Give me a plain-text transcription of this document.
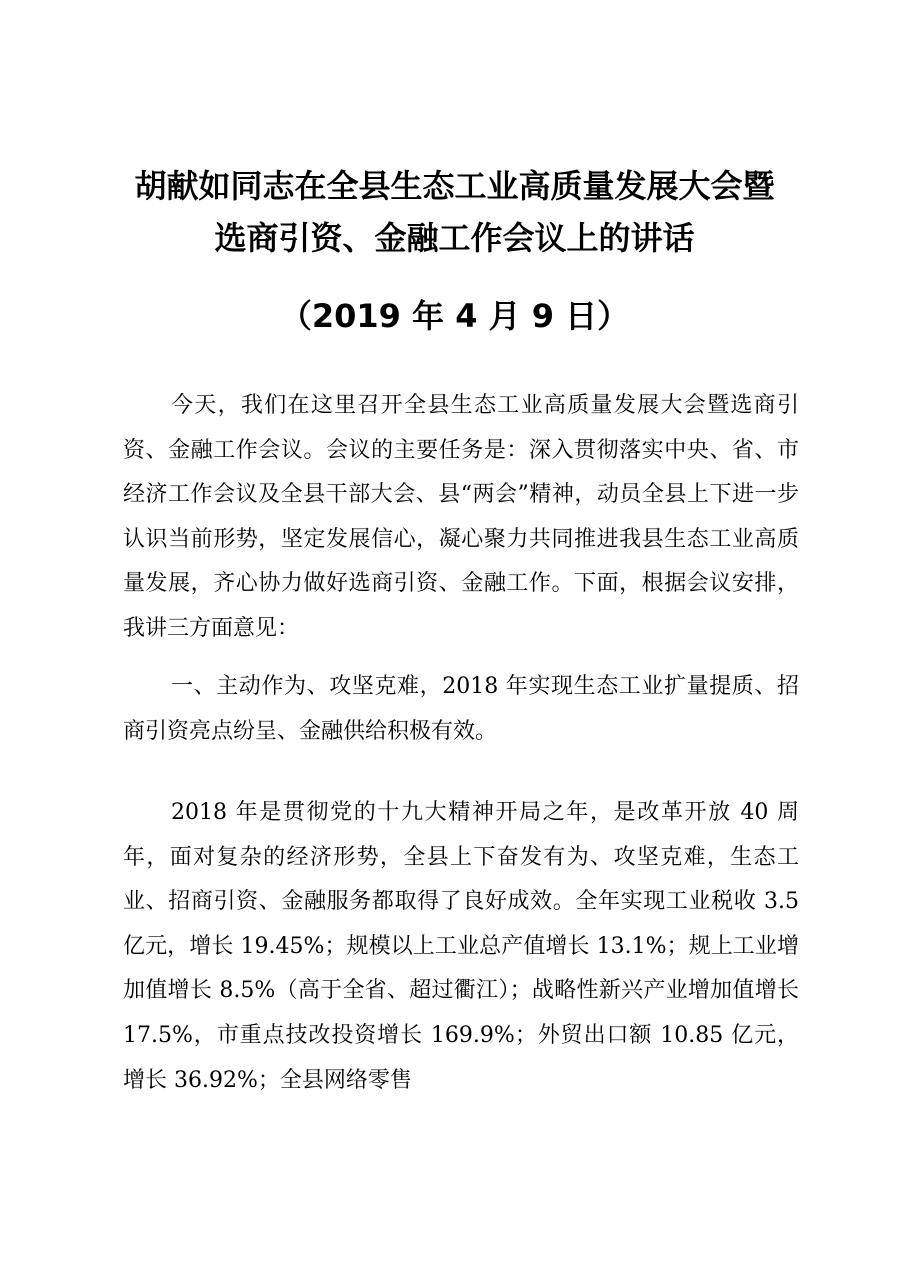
胡献如同志在全县生态工业高质量发展大会暨
选商引资、金融工作会议上的讲话
（2019 年 4 月 9 日）

今天，我们在这里召开全县生态工业高质量发展大会暨选商引资、金融工作会议。会议的主要任务是：深入贯彻落实中央、省、市经济工作会议及全县干部大会、县“两会”精神，动员全县上下进一步认识当前形势，坚定发展信心，凝心聚力共同推进我县生态工业高质量发展，齐心协力做好选商引资、金融工作。下面，根据会议安排，我讲三方面意见：

一、主动作为、攻坚克难，2018 年实现生态工业扩量提质、招商引资亮点纷呈、金融供给积极有效。

2018 年是贯彻党的十九大精神开局之年，是改革开放 40 周年，面对复杂的经济形势，全县上下奋发有为、攻坚克难，生态工业、招商引资、金融服务都取得了良好成效。全年实现工业税收 3.5 亿元，增长 19.45%；规模以上工业总产值增长 13.1%；规上工业增加值增长 8.5%（高于全省、超过衢江）；战略性新兴产业增加值增长 17.5%，市重点技改投资增长 169.9%；外贸出口额 10.85 亿元，增长 36.92%；全县网络零售
